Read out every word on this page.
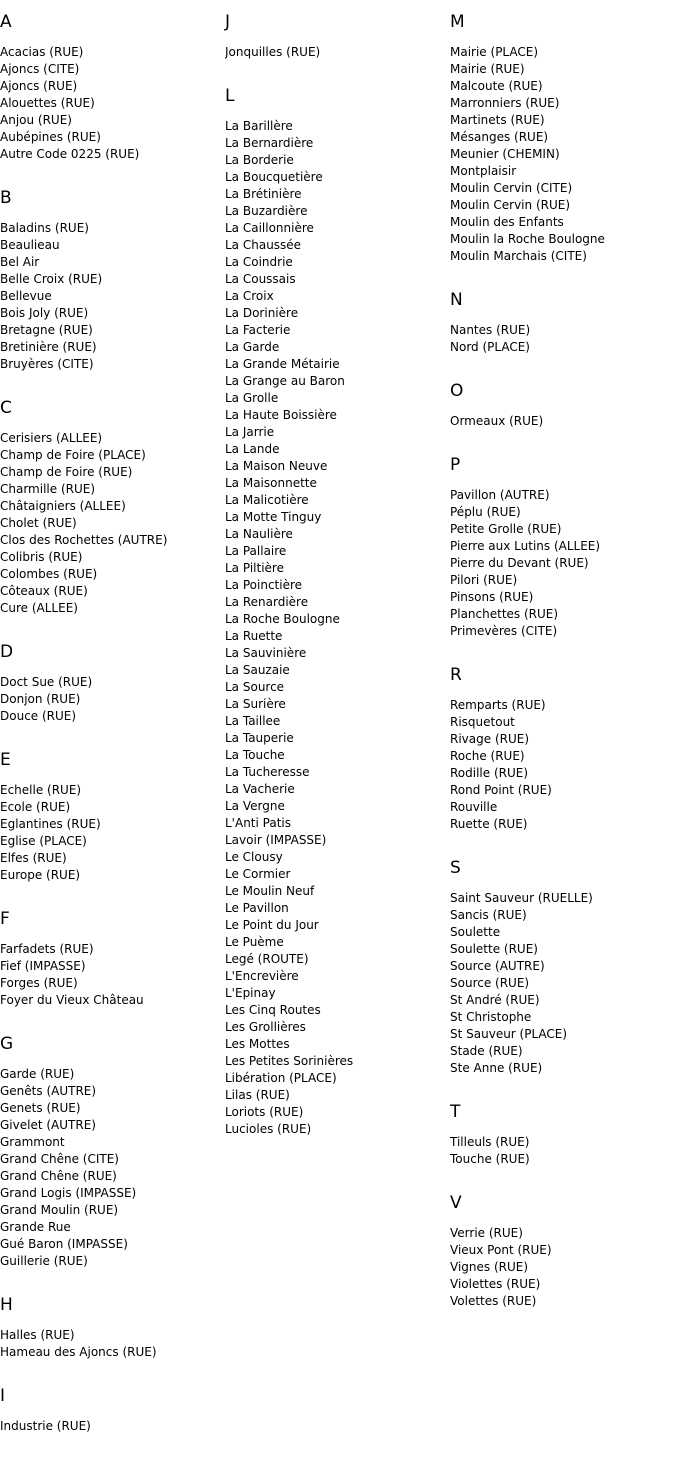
A
Acacias (RUE)
Ajoncs (CITE)
Ajoncs (RUE)
Alouettes (RUE)
Anjou (RUE)
Aubépines (RUE)
Autre Code 0225 (RUE)
B
Baladins (RUE)
Beaulieau
Bel Air
Belle Croix (RUE)
Bellevue
Bois Joly (RUE)
Bretagne (RUE)
Bretinière (RUE)
Bruyères (CITE)
C
Cerisiers (ALLEE)
Champ de Foire (PLACE)
Champ de Foire (RUE)
Charmille (RUE)
Châtaigniers (ALLEE)
Cholet (RUE)
Clos des Rochettes (AUTRE)
Colibris (RUE)
Colombes (RUE)
Côteaux (RUE)
Cure (ALLEE)
D
Doct Sue (RUE)
Donjon (RUE)
Douce (RUE)
E
Echelle (RUE)
Ecole (RUE)
Eglantines (RUE)
Eglise (PLACE)
Elfes (RUE)
Europe (RUE)
F
Farfadets (RUE)
Fief (IMPASSE)
Forges (RUE)
Foyer du Vieux Château
G
Garde (RUE)
Genêts (AUTRE)
Genets (RUE)
Givelet (AUTRE)
Grammont
Grand Chêne (CITE)
Grand Chêne (RUE)
Grand Logis (IMPASSE)
Grand Moulin (RUE)
Grande Rue
Gué Baron (IMPASSE)
Guillerie (RUE)
H
Halles (RUE)
Hameau des Ajoncs (RUE)
I
Industrie (RUE)
J
Jonquilles (RUE)
L
La Barillère
La Bernardière
La Borderie
La Boucquetière
La Brétinière
La Buzardière
La Caillonnière
La Chaussée
La Coindrie
La Coussais
La Croix
La Dorinière
La Facterie
La Garde
La Grande Métairie
La Grange au Baron
La Grolle
La Haute Boissière
La Jarrie
La Lande
La Maison Neuve
La Maisonnette
La Malicotière
La Motte Tinguy
La Naulière
La Pallaire
La Piltière
La Poinctière
La Renardière
La Roche Boulogne
La Ruette
La Sauvinière
La Sauzaie
La Source
La Surière
La Taillee
La Tauperie
La Touche
La Tucheresse
La Vacherie
La Vergne
L'Anti Patis
Lavoir (IMPASSE)
Le Clousy
Le Cormier
Le Moulin Neuf
Le Pavillon
Le Point du Jour
Le Puème
Legé (ROUTE)
L'Encrevière
L'Epinay
Les Cinq Routes
Les Grollières
Les Mottes
Les Petites Sorinières
Libération (PLACE)
Lilas (RUE)
Loriots (RUE)
Lucioles (RUE)
M
Mairie (PLACE)
Mairie (RUE)
Malcoute (RUE)
Marronniers (RUE)
Martinets (RUE)
Mésanges (RUE)
Meunier (CHEMIN)
Montplaisir
Moulin Cervin (CITE)
Moulin Cervin (RUE)
Moulin des Enfants
Moulin la Roche Boulogne
Moulin Marchais (CITE)
N
Nantes (RUE)
Nord (PLACE)
O
Ormeaux (RUE)
P
Pavillon (AUTRE)
Péplu (RUE)
Petite Grolle (RUE)
Pierre aux Lutins (ALLEE)
Pierre du Devant (RUE)
Pilori (RUE)
Pinsons (RUE)
Planchettes (RUE)
Primevères (CITE)
R
Remparts (RUE)
Risquetout
Rivage (RUE)
Roche (RUE)
Rodille (RUE)
Rond Point (RUE)
Rouville
Ruette (RUE)
S
Saint Sauveur (RUELLE)
Sancis (RUE)
Soulette
Soulette (RUE)
Source (AUTRE)
Source (RUE)
St André (RUE)
St Christophe
St Sauveur (PLACE)
Stade (RUE)
Ste Anne (RUE)
T
Tilleuls (RUE)
Touche (RUE)
V
Verrie (RUE)
Vieux Pont (RUE)
Vignes (RUE)
Violettes (RUE)
Volettes (RUE)
